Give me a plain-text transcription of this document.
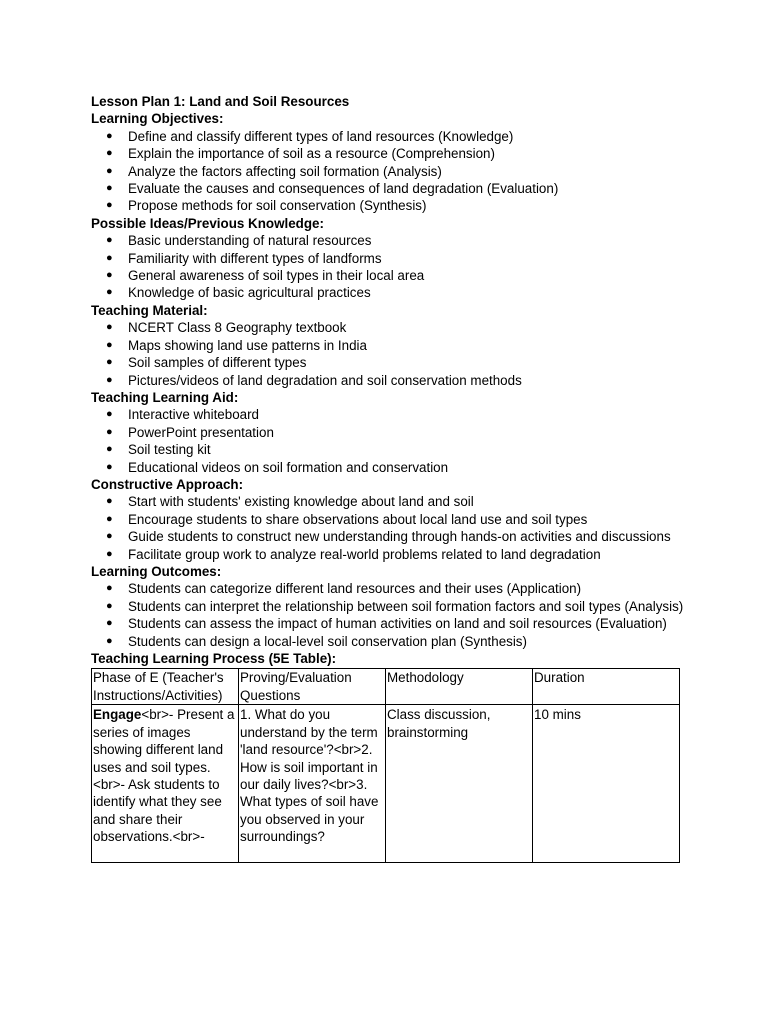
Lesson Plan 1: Land and Soil Resources

Learning Objectives:

● Define and classify different types of land resources (Knowledge)
● Explain the importance of soil as a resource (Comprehension)
● Analyze the factors affecting soil formation (Analysis)
● Evaluate the causes and consequences of land degradation (Evaluation)
● Propose methods for soil conservation (Synthesis)

Possible Ideas/Previous Knowledge:

● Basic understanding of natural resources
● Familiarity with different types of landforms
● General awareness of soil types in their local area
● Knowledge of basic agricultural practices

Teaching Material:

● NCERT Class 8 Geography textbook
● Maps showing land use patterns in India
● Soil samples of different types
● Pictures/videos of land degradation and soil conservation methods

Teaching Learning Aid:

● Interactive whiteboard
● PowerPoint presentation
● Soil testing kit
● Educational videos on soil formation and conservation

Constructive Approach:

● Start with students' existing knowledge about land and soil
● Encourage students to share observations about local land use and soil types
● Guide students to construct new understanding through hands-on activities and discussions
● Facilitate group work to analyze real-world problems related to land degradation

Learning Outcomes:

● Students can categorize different land resources and their uses (Application)
● Students can interpret the relationship between soil formation factors and soil types (Analysis)
● Students can assess the impact of human activities on land and soil resources (Evaluation)
● Students can design a local-level soil conservation plan (Synthesis)

Teaching Learning Process (5E Table):

Phase of E (Teacher's Instructions/Activities)	Proving/Evaluation Questions	Methodology	Duration
Engage<br>- Present a series of images showing different land uses and soil types.<br>- Ask students to identify what they see and share their observations.<br>-	1. What do you understand by the term 'land resource'?<br>2. How is soil important in our daily lives?<br>3. What types of soil have you observed in your surroundings?	Class discussion, brainstorming	10 mins
